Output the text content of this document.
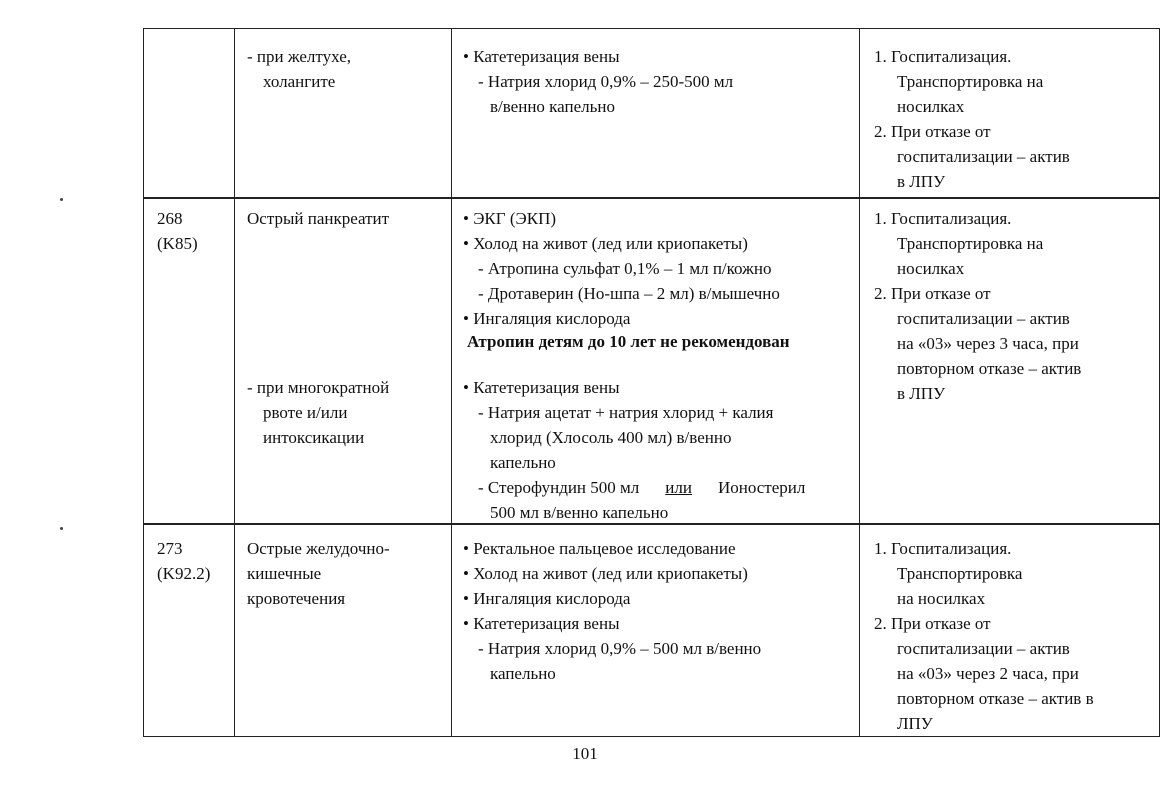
- при желтухе,
холангите
• Катетеризация вены
- Натрия хлорид 0,9% – 250-500 мл
в/венно капельно
1. Госпитализация.
Транспортировка на
носилках
2. При отказе от
госпитализации – актив
в ЛПУ
268
(K85)
Острый панкреатит
- при многократной
рвоте и/или
интоксикации
• ЭКГ (ЭКП)
• Холод на живот (лед или криопакеты)
- Атропина сульфат 0,1% – 1 мл п/кожно
- Дротаверин (Но-шпа – 2 мл) в/мышечно
• Ингаляция кислорода
Атропин детям до 10 лет не рекомендован
• Катетеризация вены
- Натрия ацетат + натрия хлорид + калия
хлорид (Хлосоль 400 мл) в/венно
капельно
- Стерофундин 500 мл или Ионостерил
500 мл в/венно капельно
1. Госпитализация.
Транспортировка на
носилках
2. При отказе от
госпитализации – актив
на «03» через 3 часа, при
повторном отказе – актив
в ЛПУ
273
(K92.2)
Острые желудочно-
кишечные
кровотечения
• Ректальное пальцевое исследование
• Холод на живот (лед или криопакеты)
• Ингаляция кислорода
• Катетеризация вены
- Натрия хлорид 0,9% – 500 мл в/венно
капельно
1. Госпитализация.
Транспортировка
на носилках
2. При отказе от
госпитализации – актив
на «03» через 2 часа, при
повторном отказе – актив в
ЛПУ
101
